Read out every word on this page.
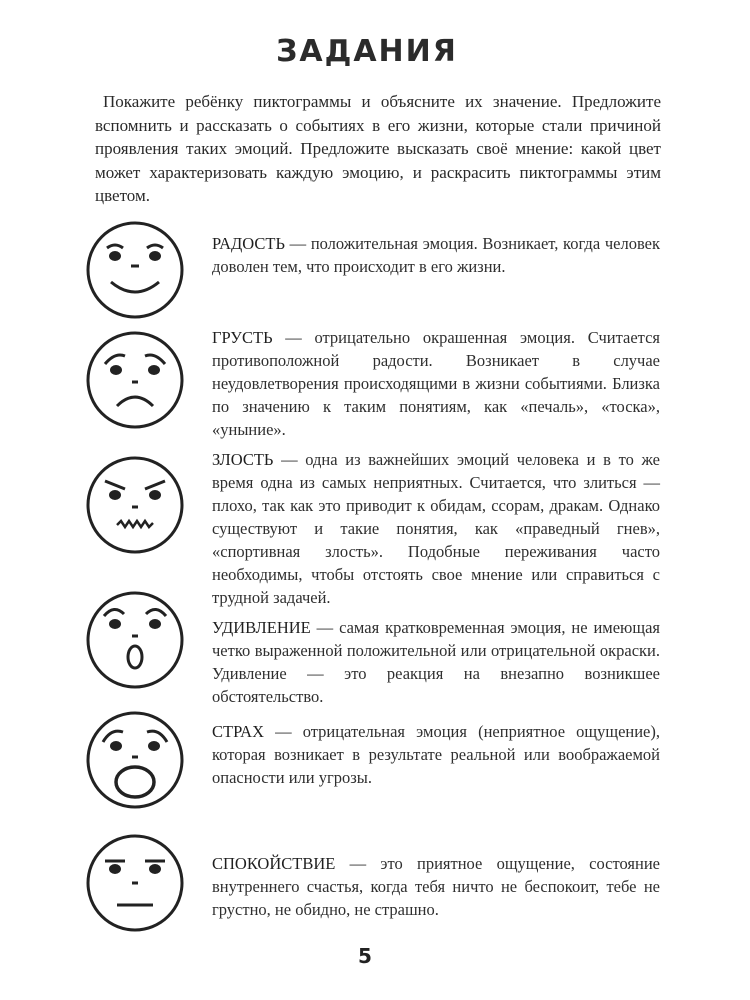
ЗАДАНИЯ
Покажите ребёнку пиктограммы и объясните их значение. Предложите вспомнить и рассказать о событиях в его жизни, которые стали причиной проявления таких эмоций. Предложите высказать своё мнение: какой цвет может характеризовать каждую эмоцию, и раскрасить пиктограммы этим цветом.
РАДОСТЬ — положительная эмоция. Возникает, когда человек доволен тем, что происходит в его жизни.
ГРУСТЬ — отрицательно окрашенная эмоция. Считается противоположной радости. Возникает в случае неудовлетворения происходящими в жизни событиями. Близка по значению к таким понятиям, как «печаль», «тоска», «уныние».
ЗЛОСТЬ — одна из важнейших эмоций человека и в то же время одна из самых неприятных. Считается, что злиться — плохо, так как это приводит к обидам, ссорам, дракам. Однако существуют и такие понятия, как «праведный гнев», «спортивная злость». Подобные переживания часто необходимы, чтобы отстоять свое мнение или справиться с трудной задачей.
УДИВЛЕНИЕ — самая кратковременная эмоция, не имеющая четко выраженной положительной или отрицательной окраски. Удивление — это реакция на внезапно возникшее обстоятельство.
СТРАХ — отрицательная эмоция (неприятное ощущение), которая возникает в результате реальной или воображаемой опасности или угрозы.
СПОКОЙСТВИЕ — это приятное ощущение, состояние внутреннего счастья, когда тебя ничто не беспокоит, тебе не грустно, не обидно, не страшно.
5
